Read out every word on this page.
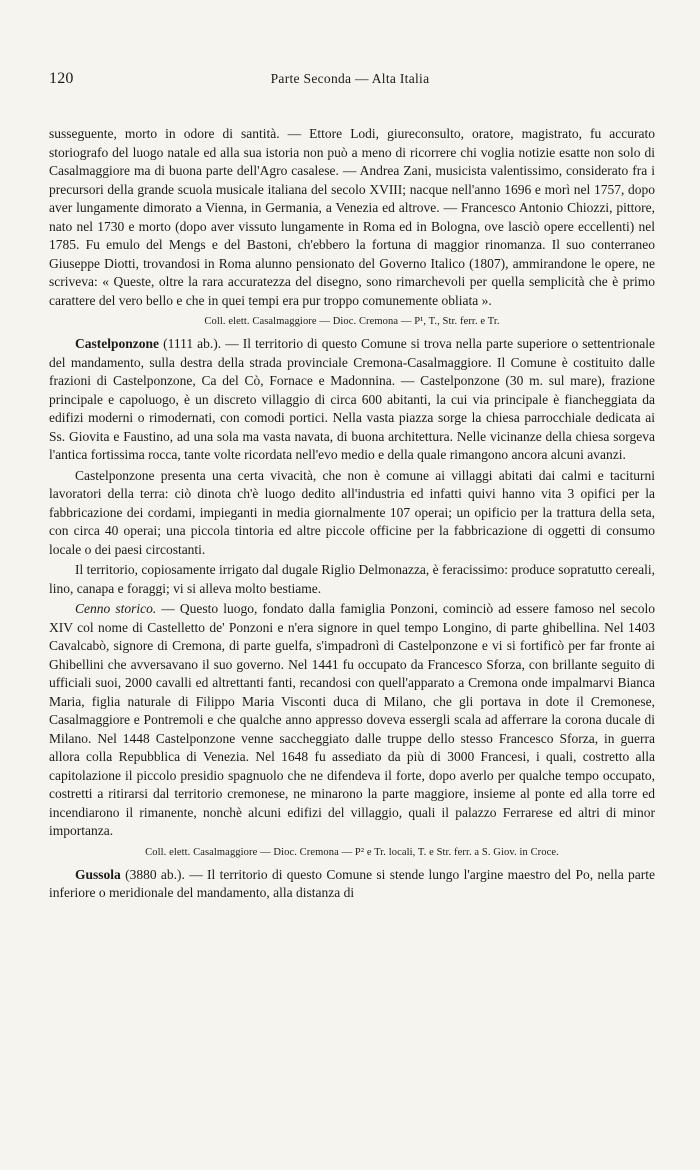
120	Parte Seconda — Alta Italia

susseguente, morto in odore di santità. — Ettore Lodi, giureconsulto, oratore, magistrato, fu accurato storiografo del luogo natale ed alla sua istoria non può a meno di ricorrere chi voglia notizie esatte non solo di Casalmaggiore ma di buona parte dell'Agro casalese. — Andrea Zani, musicista valentissimo, considerato fra i precursori della grande scuola musicale italiana del secolo XVIII; nacque nell'anno 1696 e morì nel 1757, dopo aver lungamente dimorato a Vienna, in Germania, a Venezia ed altrove. — Francesco Antonio Chiozzi, pittore, nato nel 1730 e morto (dopo aver vissuto lungamente in Roma ed in Bologna, ove lasciò opere eccellenti) nel 1785. Fu emulo del Mengs e del Bastoni, ch'ebbero la fortuna di maggior rinomanza. Il suo conterraneo Giuseppe Diotti, trovandosi in Roma alunno pensionato del Governo Italico (1807), ammirandone le opere, ne scriveva: « Queste, oltre la rara accuratezza del disegno, sono rimarchevoli per quella semplicità che è primo carattere del vero bello e che in quei tempi era pur troppo comunemente obliata ».

Coll. elett. Casalmaggiore — Dioc. Cremona — P¹, T., Str. ferr. e Tr.

Castelponzone (1111 ab.). — Il territorio di questo Comune si trova nella parte superiore o settentrionale del mandamento, sulla destra della strada provinciale Cremona-Casalmaggiore. Il Comune è costituito dalle frazioni di Castelponzone, Ca del Cò, Fornace e Madonnina. — Castelponzone (30 m. sul mare), frazione principale e capoluogo, è un discreto villaggio di circa 600 abitanti, la cui via principale è fiancheggiata da edifizi moderni o rimodernati, con comodi portici. Nella vasta piazza sorge la chiesa parrocchiale dedicata ai Ss. Giovita e Faustino, ad una sola ma vasta navata, di buona architettura. Nelle vicinanze della chiesa sorgeva l'antica fortissima rocca, tante volte ricordata nell'evo medio e della quale rimangono ancora alcuni avanzi.

Castelponzone presenta una certa vivacità, che non è comune ai villaggi abitati dai calmi e taciturni lavoratori della terra: ciò dinota ch'è luogo dedito all'industria ed infatti quivi hanno vita 3 opifici per la fabbricazione dei cordami, impieganti in media giornalmente 107 operai; un opificio per la trattura della seta, con circa 40 operai; una piccola tintoria ed altre piccole officine per la fabbricazione di oggetti di consumo locale o dei paesi circostanti.

Il territorio, copiosamente irrigato dal dugale Riglio Delmonazza, è feracissimo: produce sopratutto cereali, lino, canapa e foraggi; vi si alleva molto bestiame.

Cenno storico. — Questo luogo, fondato dalla famiglia Ponzoni, cominciò ad essere famoso nel secolo XIV col nome di Castelletto de' Ponzoni e n'era signore in quel tempo Longino, di parte ghibellina. Nel 1403 Cavalcabò, signore di Cremona, di parte guelfa, s'impadronì di Castelponzone e vi si fortificò per far fronte ai Ghibellini che avversavano il suo governo. Nel 1441 fu occupato da Francesco Sforza, con brillante seguito di ufficiali suoi, 2000 cavalli ed altrettanti fanti, recandosi con quell'apparato a Cremona onde impalmarvi Bianca Maria, figlia naturale di Filippo Maria Visconti duca di Milano, che gli portava in dote il Cremonese, Casalmaggiore e Pontremoli e che qualche anno appresso doveva essergli scala ad afferrare la corona ducale di Milano. Nel 1448 Castelponzone venne saccheggiato dalle truppe dello stesso Francesco Sforza, in guerra allora colla Repubblica di Venezia. Nel 1648 fu assediato da più di 3000 Francesi, i quali, costretto alla capitolazione il piccolo presidio spagnuolo che ne difendeva il forte, dopo averlo per qualche tempo occupato, costretti a ritirarsi dal territorio cremonese, ne minarono la parte maggiore, insieme al ponte ed alla torre ed incendiarono il rimanente, nonchè alcuni edifizi del villaggio, quali il palazzo Ferrarese ed altri di minor importanza.

Coll. elett. Casalmaggiore — Dioc. Cremona — P² e Tr. locali, T. e Str. ferr. a S. Giov. in Croce.

Gussola (3880 ab.). — Il territorio di questo Comune si stende lungo l'argine maestro del Po, nella parte inferiore o meridionale del mandamento, alla distanza di
